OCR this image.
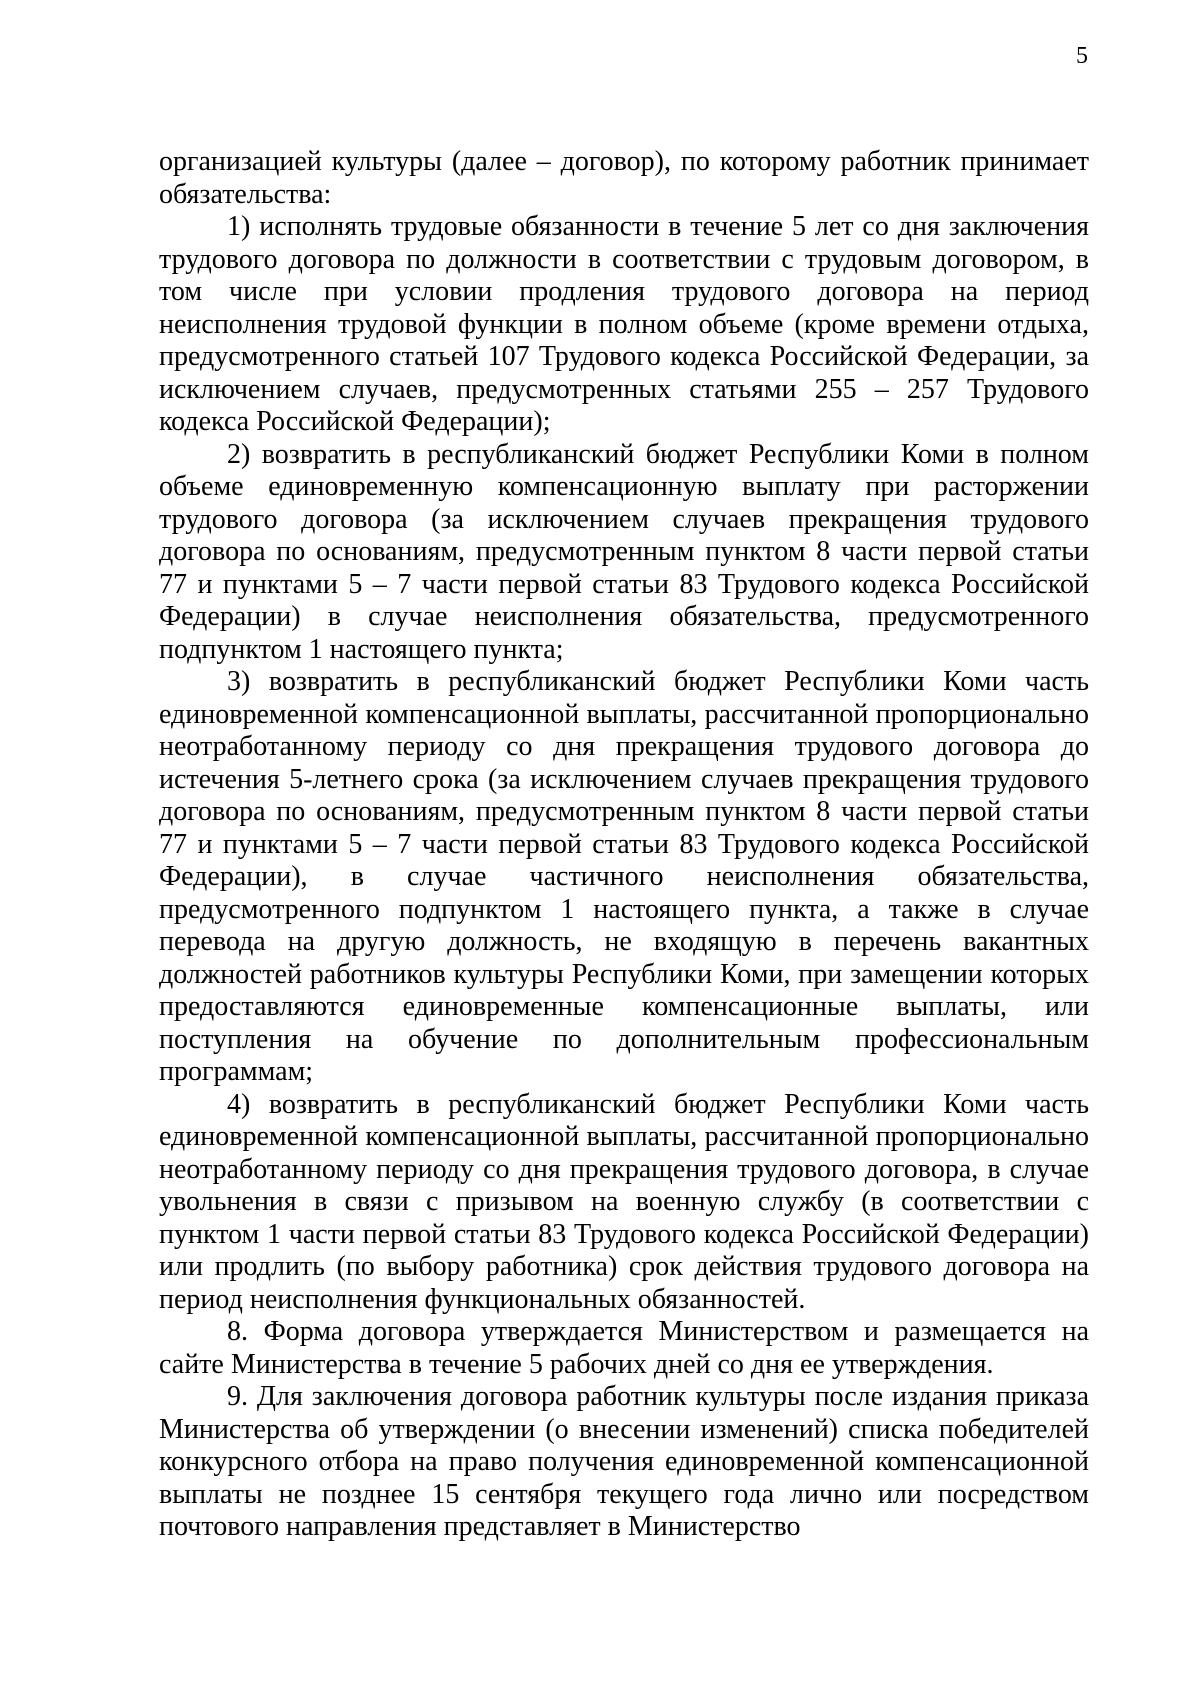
5

организацией культуры (далее – договор), по которому работник принимает обязательства:

1) исполнять трудовые обязанности в течение 5 лет со дня заключения трудового договора по должности в соответствии с трудовым договором, в том числе при условии продления трудового договора на период неисполнения трудовой функции в полном объеме (кроме времени отдыха, предусмотренного статьей 107 Трудового кодекса Российской Федерации, за исключением случаев, предусмотренных статьями 255 – 257 Трудового кодекса Российской Федерации);

2) возвратить в республиканский бюджет Республики Коми в полном объеме единовременную компенсационную выплату при расторжении трудового договора (за исключением случаев прекращения трудового договора по основаниям, предусмотренным пунктом 8 части первой статьи 77 и пунктами 5 – 7 части первой статьи 83 Трудового кодекса Российской Федерации) в случае неисполнения обязательства, предусмотренного подпунктом 1 настоящего пункта;

3) возвратить в республиканский бюджет Республики Коми часть единовременной компенсационной выплаты, рассчитанной пропорционально неотработанному периоду со дня прекращения трудового договора до истечения 5-летнего срока (за исключением случаев прекращения трудового договора по основаниям, предусмотренным пунктом 8 части первой статьи 77 и пунктами 5 – 7 части первой статьи 83 Трудового кодекса Российской Федерации), в случае частичного неисполнения обязательства, предусмотренного подпунктом 1 настоящего пункта, а также в случае перевода на другую должность, не входящую в перечень вакантных должностей работников культуры Республики Коми, при замещении которых предоставляются единовременные компенсационные выплаты, или поступления на обучение по дополнительным профессиональным программам;

4) возвратить в республиканский бюджет Республики Коми часть единовременной компенсационной выплаты, рассчитанной пропорционально неотработанному периоду со дня прекращения трудового договора, в случае увольнения в связи с призывом на военную службу (в соответствии с пунктом 1 части первой статьи 83 Трудового кодекса Российской Федерации) или продлить (по выбору работника) срок действия трудового договора на период неисполнения функциональных обязанностей.

8. Форма договора утверждается Министерством и размещается на сайте Министерства в течение 5 рабочих дней со дня ее утверждения.

9. Для заключения договора работник культуры после издания приказа Министерства об утверждении (о внесении изменений) списка победителей конкурсного отбора на право получения единовременной компенсационной выплаты не позднее 15 сентября текущего года лично или посредством почтового направления представляет в Министерство
